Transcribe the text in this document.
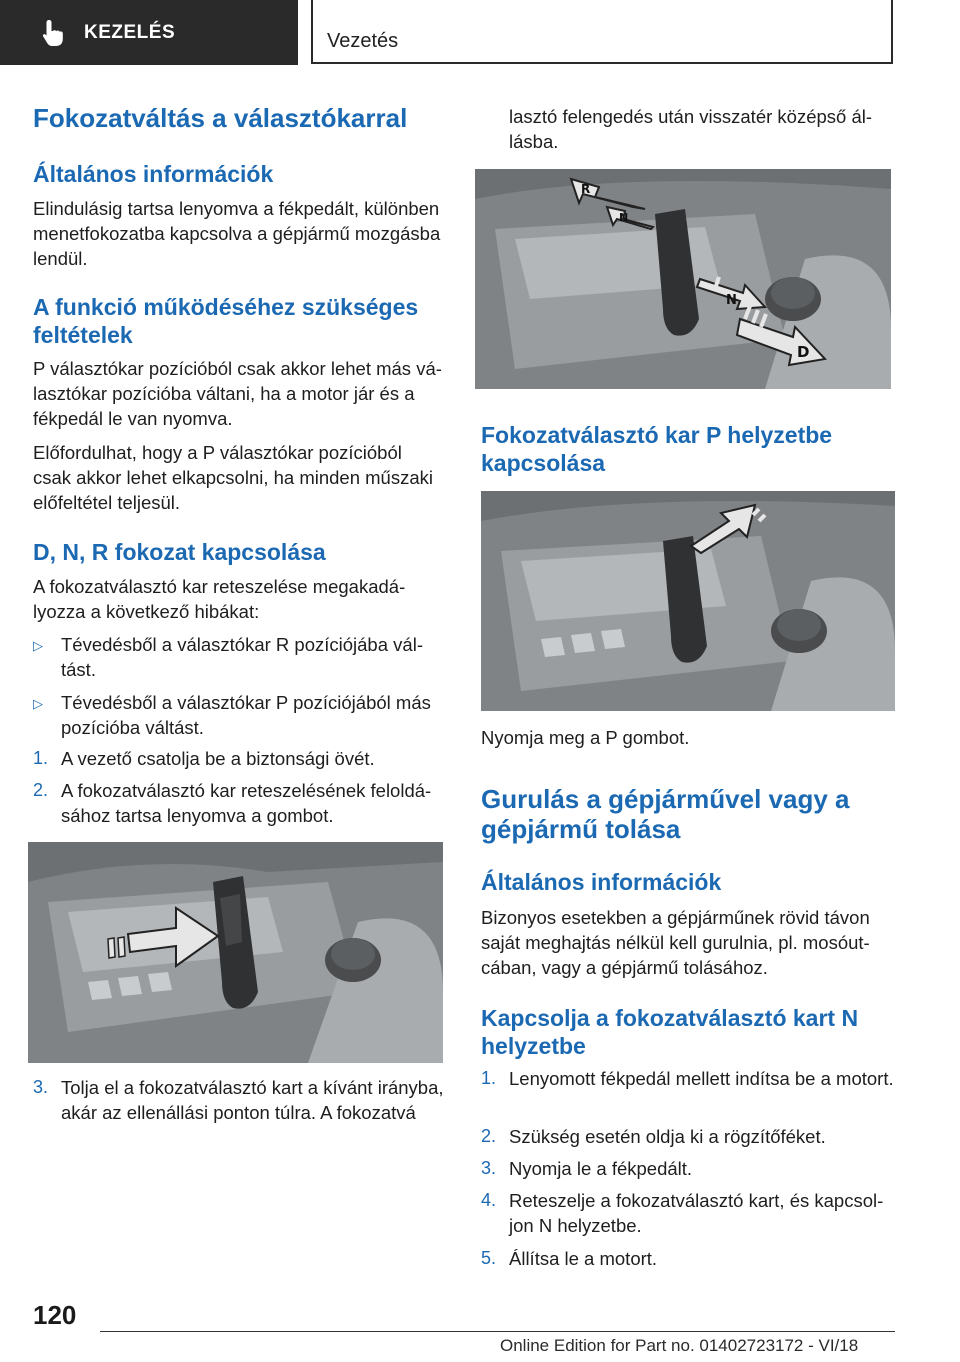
KEZELÉS	Vezetés
Fokozatváltás a választókarral
Általános információk

Elindulásig tartsa lenyomva a fékpedált, különben menetfokozatba kapcsolva a gépjármű mozgásba lendül.

A funkció működéséhez szükséges feltételek

P választókar pozícióból csak akkor lehet más választókar pozícióba váltani, ha a motor jár és a fékpedál le van nyomva.

Előfordulhat, hogy a P választókar pozícióból csak akkor lehet elkapcsolni, ha minden műszaki előfeltétel teljesül.

D, N, R fokozat kapcsolása

A fokozatválasztó kar reteszelése megakadályozza a következő hibákat:

▷ Tévedésből a választókar R pozíciójába váltást.
▷ Tévedésből a választókar P pozíciójából más pozícióba váltást.
1. A vezető csatolja be a biztonsági övét.
2. A fokozatválasztó kar reteszelésének feloldásához tartsa lenyomva a gombot.
3. Tolja el a fokozatválasztó kart a kívánt irányba, akár az ellenállási ponton túlra. A fokozatvá

lasztó felengedés után visszatér középső állásba.

R
N
N
D
Fokozatválasztó kar P helyzetbe kapcsolása

Nyomja meg a P gombot.

Gurulás a gépjárművel vagy a gépjármű tolása
Általános információk

Bizonyos esetekben a gépjárműnek rövid távon saját meghajtás nélkül kell gurulnia, pl. mosóutcában, vagy a gépjármű tolásához.

Kapcsolja a fokozatválasztó kart N helyzetbe
1. Lenyomott fékpedál mellett indítsa be a motort.
2. Szükség esetén oldja ki a rögzítőféket.
3. Nyomja le a fékpedált.
4. Reteszelje a fokozatválasztó kart, és kapcsoljon N helyzetbe.
5. Állítsa le a motort.
120
Online Edition for Part no. 01402723172 - VI/18
